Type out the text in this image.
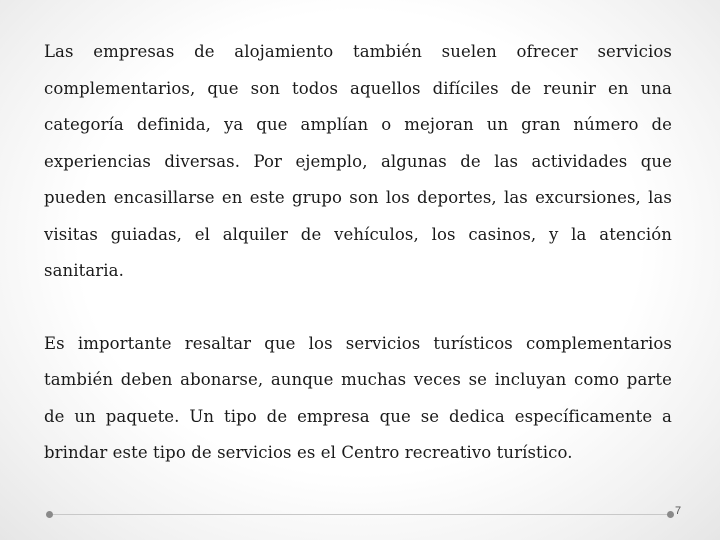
Las empresas de alojamiento también suelen ofrecer servicios complementarios, que son todos aquellos difíciles de reunir en una categoría definida, ya que amplían o mejoran un gran número de experiencias diversas. Por ejemplo, algunas de las actividades que pueden encasillarse en este grupo son los deportes, las excursiones, las visitas guiadas, el alquiler de vehículos, los casinos, y la atención sanitaria.

Es importante resaltar que los servicios turísticos complementarios también deben abonarse, aunque muchas veces se incluyan como parte de un paquete. Un tipo de empresa que se dedica específicamente a brindar este tipo de servicios es el Centro recreativo turístico.

7
